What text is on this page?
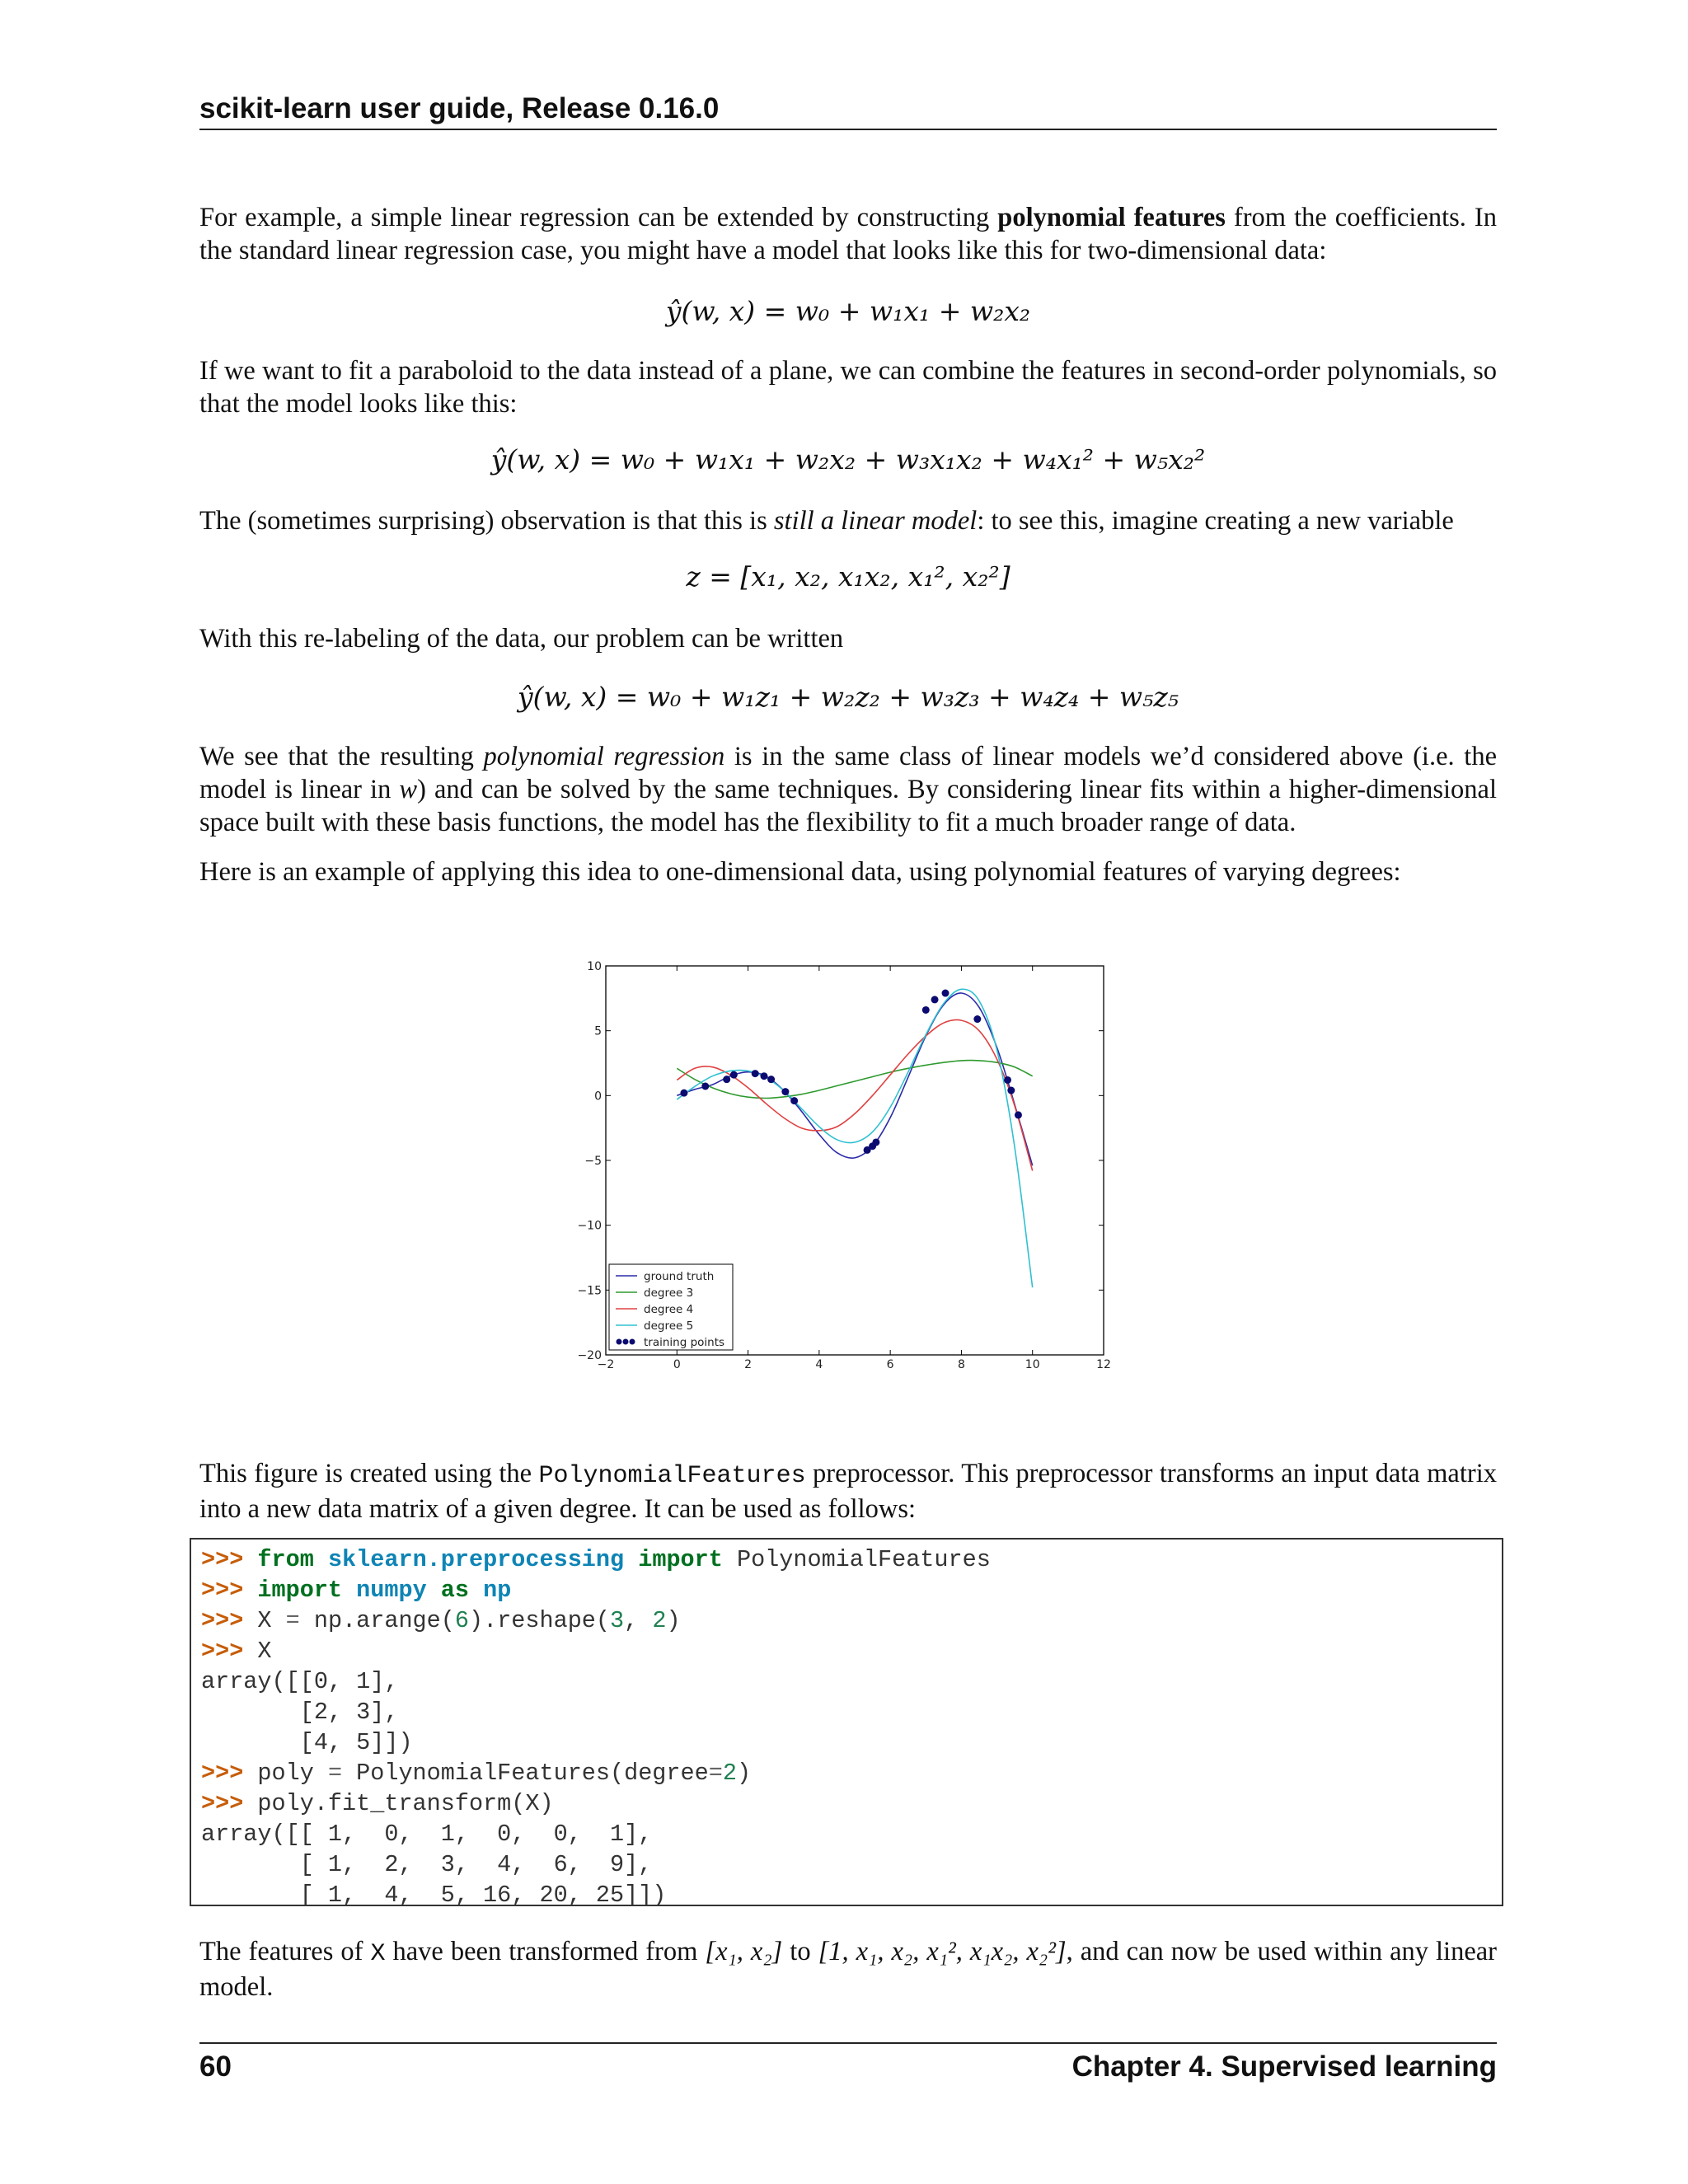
scikit-learn user guide, Release 0.16.0
For example, a simple linear regression can be extended by constructing polynomial features from the coefficients. In the standard linear regression case, you might have a model that looks like this for two-dimensional data:
ŷ(w, x) = w₀ + w₁x₁ + w₂x₂
If we want to fit a paraboloid to the data instead of a plane, we can combine the features in second-order polynomials, so that the model looks like this:
ŷ(w, x) = w₀ + w₁x₁ + w₂x₂ + w₃x₁x₂ + w₄x₁² + w₅x₂²
The (sometimes surprising) observation is that this is still a linear model: to see this, imagine creating a new variable
z = [x₁, x₂, x₁x₂, x₁², x₂²]
With this re-labeling of the data, our problem can be written
ŷ(w, x) = w₀ + w₁z₁ + w₂z₂ + w₃z₃ + w₄z₄ + w₅z₅
We see that the resulting polynomial regression is in the same class of linear models we’d considered above (i.e. the model is linear in w) and can be solved by the same techniques. By considering linear fits within a higher-dimensional space built with these basis functions, the model has the flexibility to fit a much broader range of data.
Here is an example of applying this idea to one-dimensional data, using polynomial features of varying degrees:
−2	0	2	4	6	8	10	12
10
5
0
−5
−10
−15
−20
ground truth
degree 3
degree 4
degree 5
training points
This figure is created using the PolynomialFeatures preprocessor. This preprocessor transforms an input data matrix into a new data matrix of a given degree. It can be used as follows:
>>> from sklearn.preprocessing import PolynomialFeatures
>>> import numpy as np
>>> X = np.arange(6).reshape(3, 2)
>>> X
array([[0, 1],
[2, 3],
[4, 5]])
>>> poly = PolynomialFeatures(degree=2)
>>> poly.fit_transform(X)
array([[ 1,  0,  1,  0,  0,  1],
[ 1,  2,  3,  4,  6,  9],
[ 1,  4,  5, 16, 20, 25]])
The features of X have been transformed from [x₁, x₂] to [1, x₁, x₂, x₁², x₁x₂, x₂²], and can now be used within any linear model.
60	Chapter 4. Supervised learning
